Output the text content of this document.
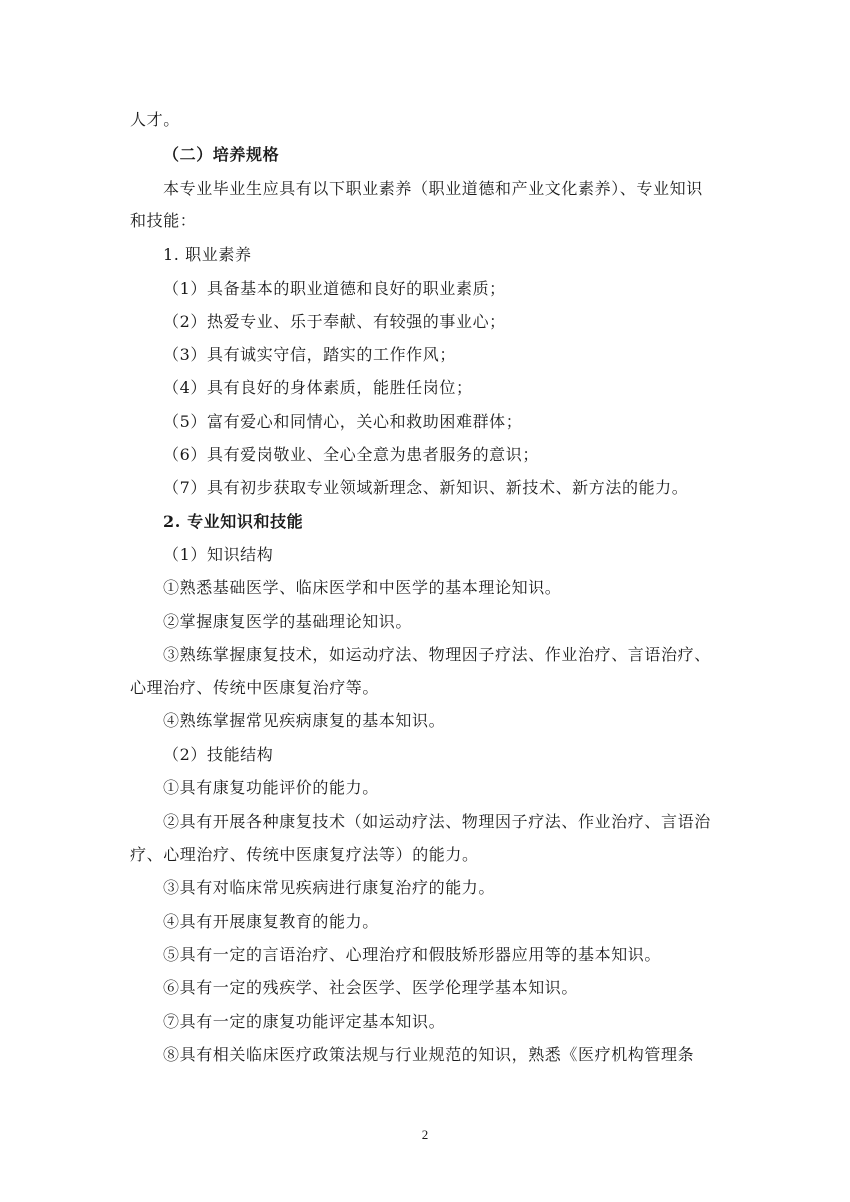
人才。
（二）培养规格
本专业毕业生应具有以下职业素养（职业道德和产业文化素养）、专业知识
和技能：
1. 职业素养
（1）具备基本的职业道德和良好的职业素质；
（2）热爱专业、乐于奉献、有较强的事业心；
（3）具有诚实守信，踏实的工作作风；
（4）具有良好的身体素质，能胜任岗位；
（5）富有爱心和同情心，关心和救助困难群体；
（6）具有爱岗敬业、全心全意为患者服务的意识；
（7）具有初步获取专业领域新理念、新知识、新技术、新方法的能力。
2. 专业知识和技能
（1）知识结构
①熟悉基础医学、临床医学和中医学的基本理论知识。
②掌握康复医学的基础理论知识。
③熟练掌握康复技术，如运动疗法、物理因子疗法、作业治疗、言语治疗、
心理治疗、传统中医康复治疗等。
④熟练掌握常见疾病康复的基本知识。
（2）技能结构
①具有康复功能评价的能力。
②具有开展各种康复技术（如运动疗法、物理因子疗法、作业治疗、言语治
疗、心理治疗、传统中医康复疗法等）的能力。
③具有对临床常见疾病进行康复治疗的能力。
④具有开展康复教育的能力。
⑤具有一定的言语治疗、心理治疗和假肢矫形器应用等的基本知识。
⑥具有一定的残疾学、社会医学、医学伦理学基本知识。
⑦具有一定的康复功能评定基本知识。
⑧具有相关临床医疗政策法规与行业规范的知识，熟悉《医疗机构管理条
2
